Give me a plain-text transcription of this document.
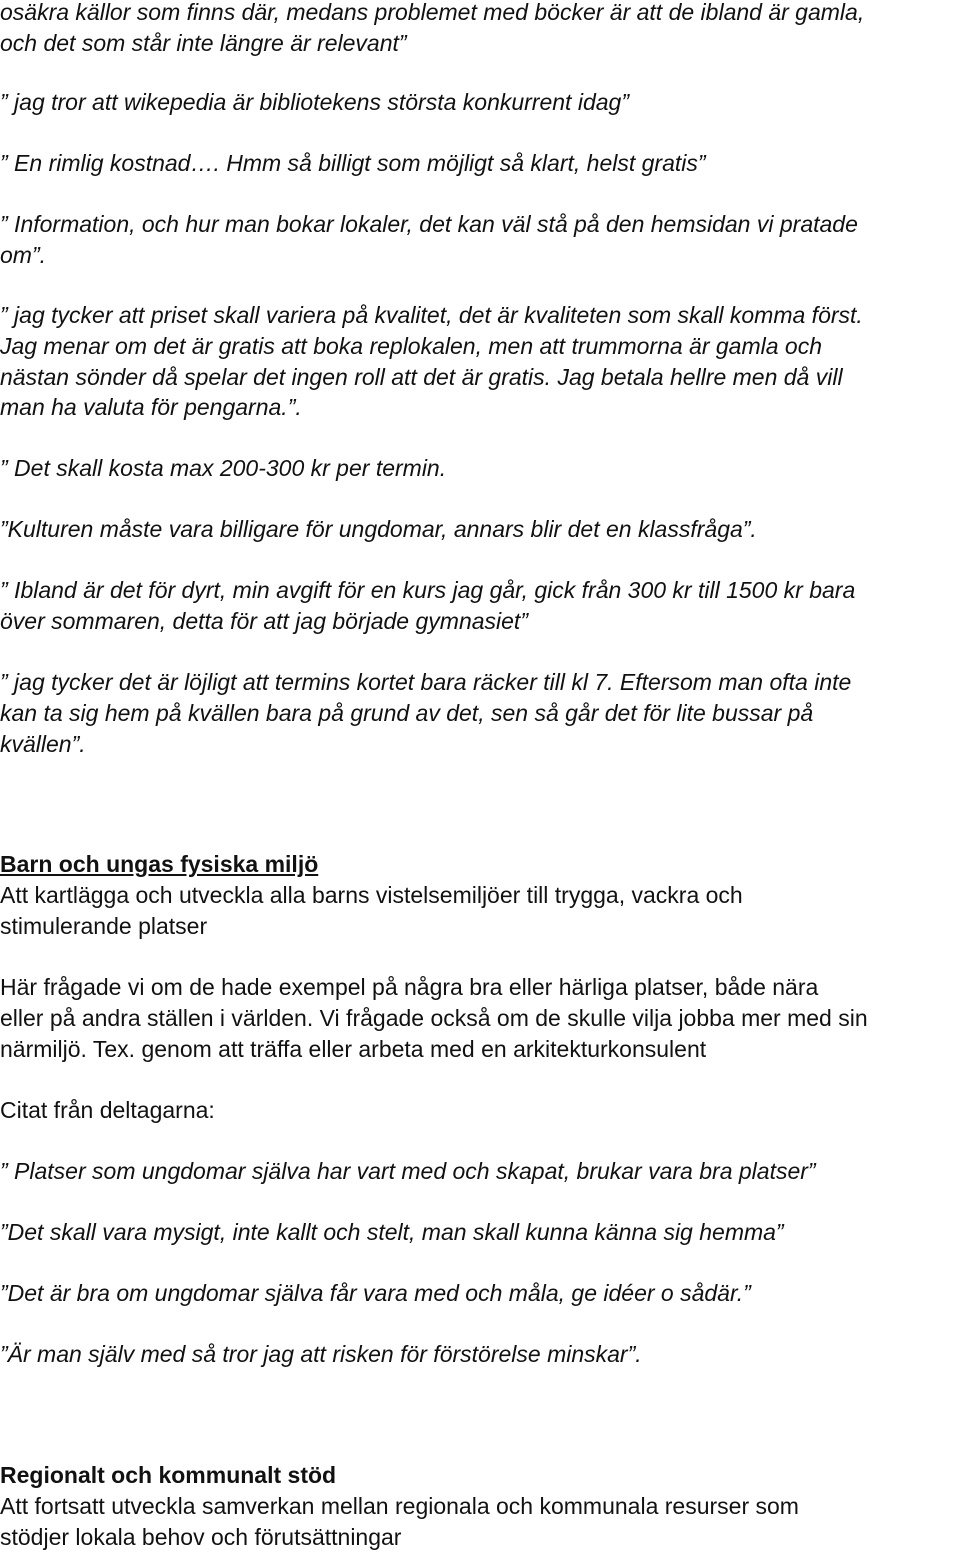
osäkra källor som finns där, medans problemet med böcker är att de ibland är gamla,
och det som står inte längre är relevant”
” jag tror att wikepedia är bibliotekens största konkurrent idag”
” En rimlig kostnad…. Hmm så billigt som möjligt så klart, helst gratis”
” Information, och hur man bokar lokaler, det kan väl stå på den hemsidan vi pratade
om”.
” jag tycker att priset skall variera på kvalitet, det är kvaliteten som skall komma först.
Jag menar om det är gratis att boka replokalen, men att trummorna är gamla och
nästan sönder då spelar det ingen roll att det är gratis. Jag betala hellre men då vill
man ha valuta för pengarna.”.
” Det skall kosta max 200-300 kr per termin.
”Kulturen måste vara billigare för ungdomar, annars blir det en klassfråga”.
” Ibland är det för dyrt, min avgift för en kurs jag går, gick från 300 kr till 1500 kr bara
över sommaren, detta för att jag började gymnasiet”
” jag tycker det är löjligt att termins kortet bara räcker till kl 7. Eftersom man ofta inte
kan ta sig hem på kvällen bara på grund av det, sen så går det för lite bussar på
kvällen”.
Barn och ungas fysiska miljö
Att kartlägga och utveckla alla barns vistelsemiljöer till trygga, vackra och
stimulerande platser
Här frågade vi om de hade exempel på några bra eller härliga platser, både nära
eller på andra ställen i världen. Vi frågade också om de skulle vilja jobba mer med sin
närmiljö. Tex. genom att träffa eller arbeta med en arkitekturkonsulent
Citat från deltagarna:
” Platser som ungdomar själva har vart med och skapat, brukar vara bra platser”
”Det skall vara mysigt, inte kallt och stelt, man skall kunna känna sig hemma”
”Det är bra om ungdomar själva får vara med och måla, ge idéer o sådär.”
”Är man själv med så tror jag att risken för förstörelse minskar”.
Regionalt och kommunalt stöd
Att fortsatt utveckla samverkan mellan regionala och kommunala resurser som
stödjer lokala behov och förutsättningar
